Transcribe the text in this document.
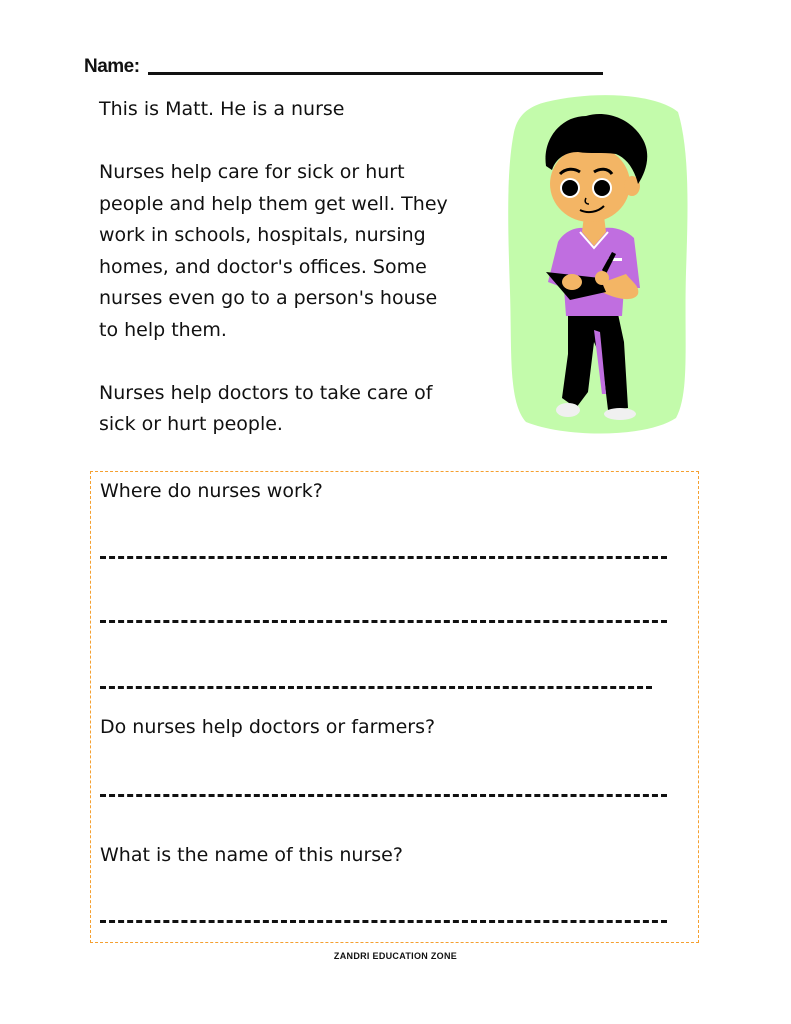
Name:

This is Matt. He is a nurse

Nurses help care for sick or hurt

people and help them get well. They

work in schools, hospitals, nursing

homes, and doctor's offices. Some

nurses even go to a person's house

to help them.

Nurses help doctors to take care of

sick or hurt people.

Where do nurses work?
Do nurses help doctors or farmers?
What is the name of this nurse?
ZANDRI EDUCATION ZONE
